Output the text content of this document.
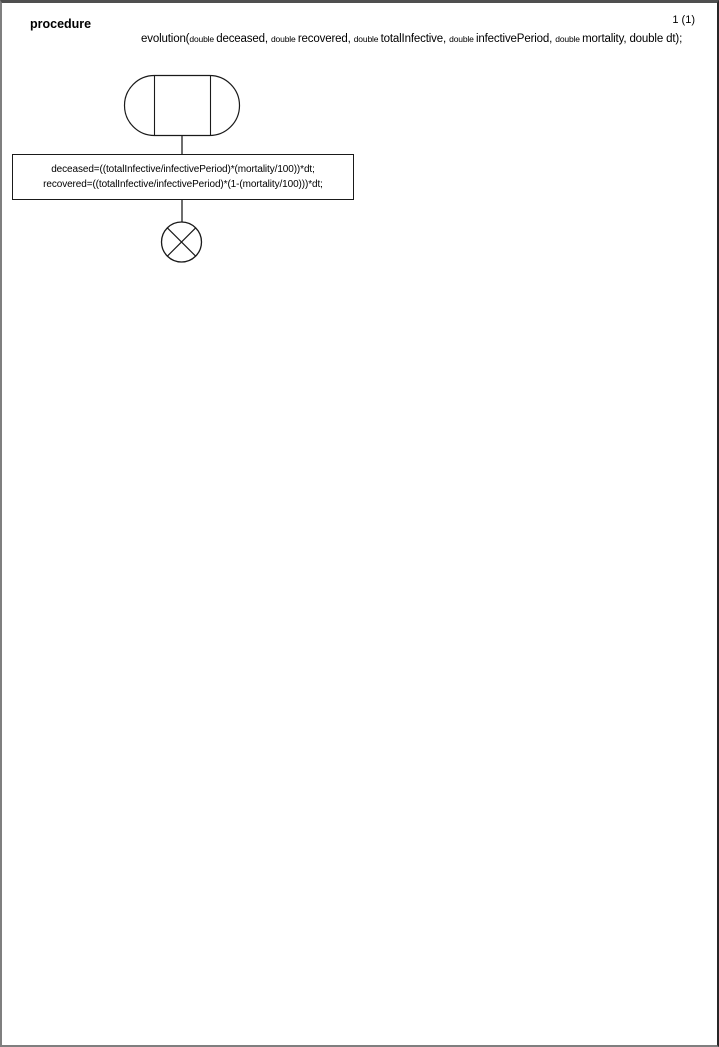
procedure
evolution(double deceased, double recovered, double totalInfective, double infectivePeriod, double mortality, double dt);
1 (1)
deceased=((totalInfective/infectivePeriod)*(mortality/100))*dt;
recovered=((totalInfective/infectivePeriod)*(1-(mortality/100)))*dt;
